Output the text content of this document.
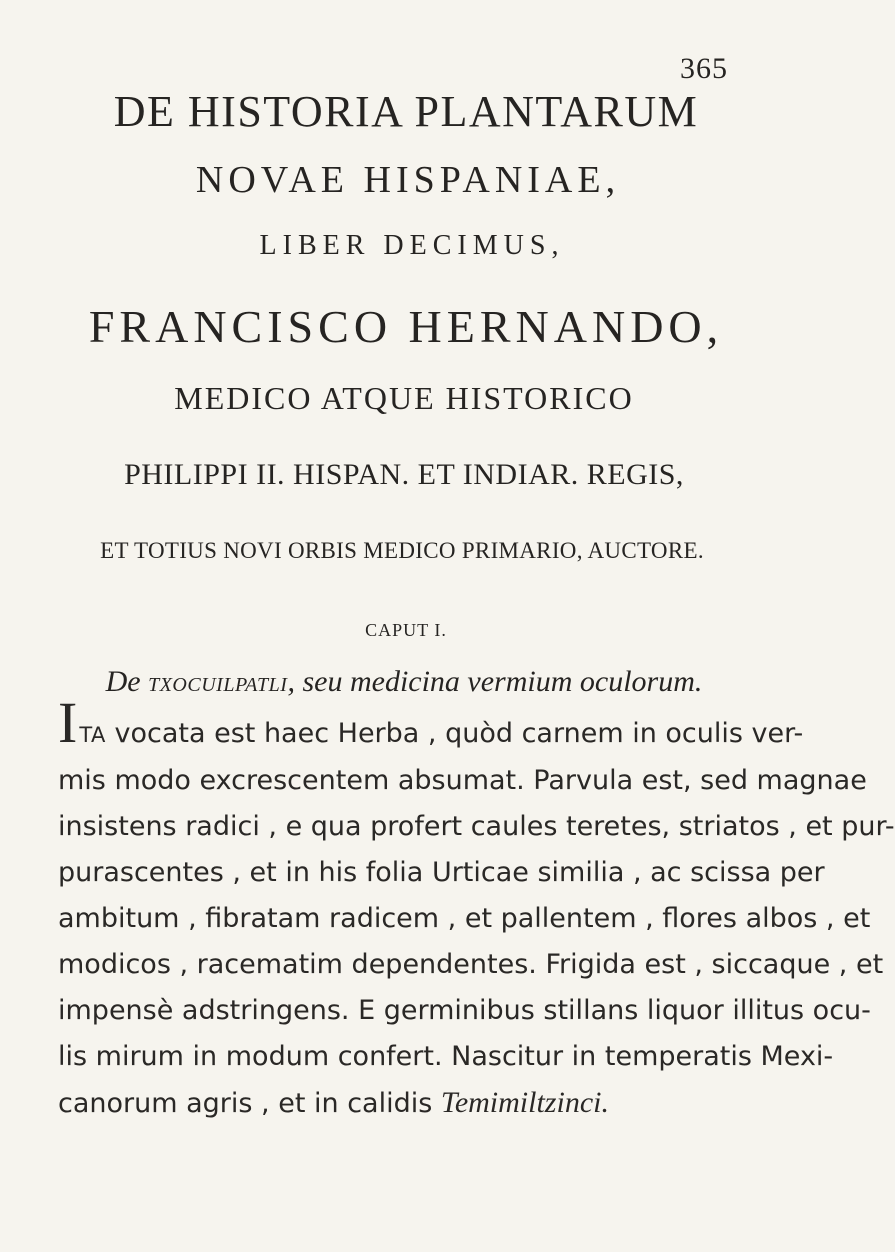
365
DE HISTORIA PLANTARUM
NOVAE HISPANIAE,
LIBER DECIMUS,
FRANCISCO HERNANDO,
MEDICO ATQUE HISTORICO
PHILIPPI II. HISPAN. ET INDIAR. REGIS,
ET TOTIUS NOVI ORBIS MEDICO PRIMARIO, AUCTORE.
CAPUT I.
De TXOCUILPATLI, seu medicina vermium oculorum.
ITA vocata est haec Herba , quòd carnem in oculis ver-
mis modo excrescentem absumat. Parvula est, sed magnae
insistens radici , e qua profert caules teretes, striatos , et pur-
purascentes , et in his folia Urticae similia , ac scissa per
ambitum , fibratam radicem , et pallentem , flores albos , et
modicos , racematim dependentes. Frigida est , siccaque , et
impensè adstringens. E germinibus stillans liquor illitus ocu-
lis mirum in modum confert. Nascitur in temperatis Mexi-
canorum agris , et in calidis Temimiltzinci.
